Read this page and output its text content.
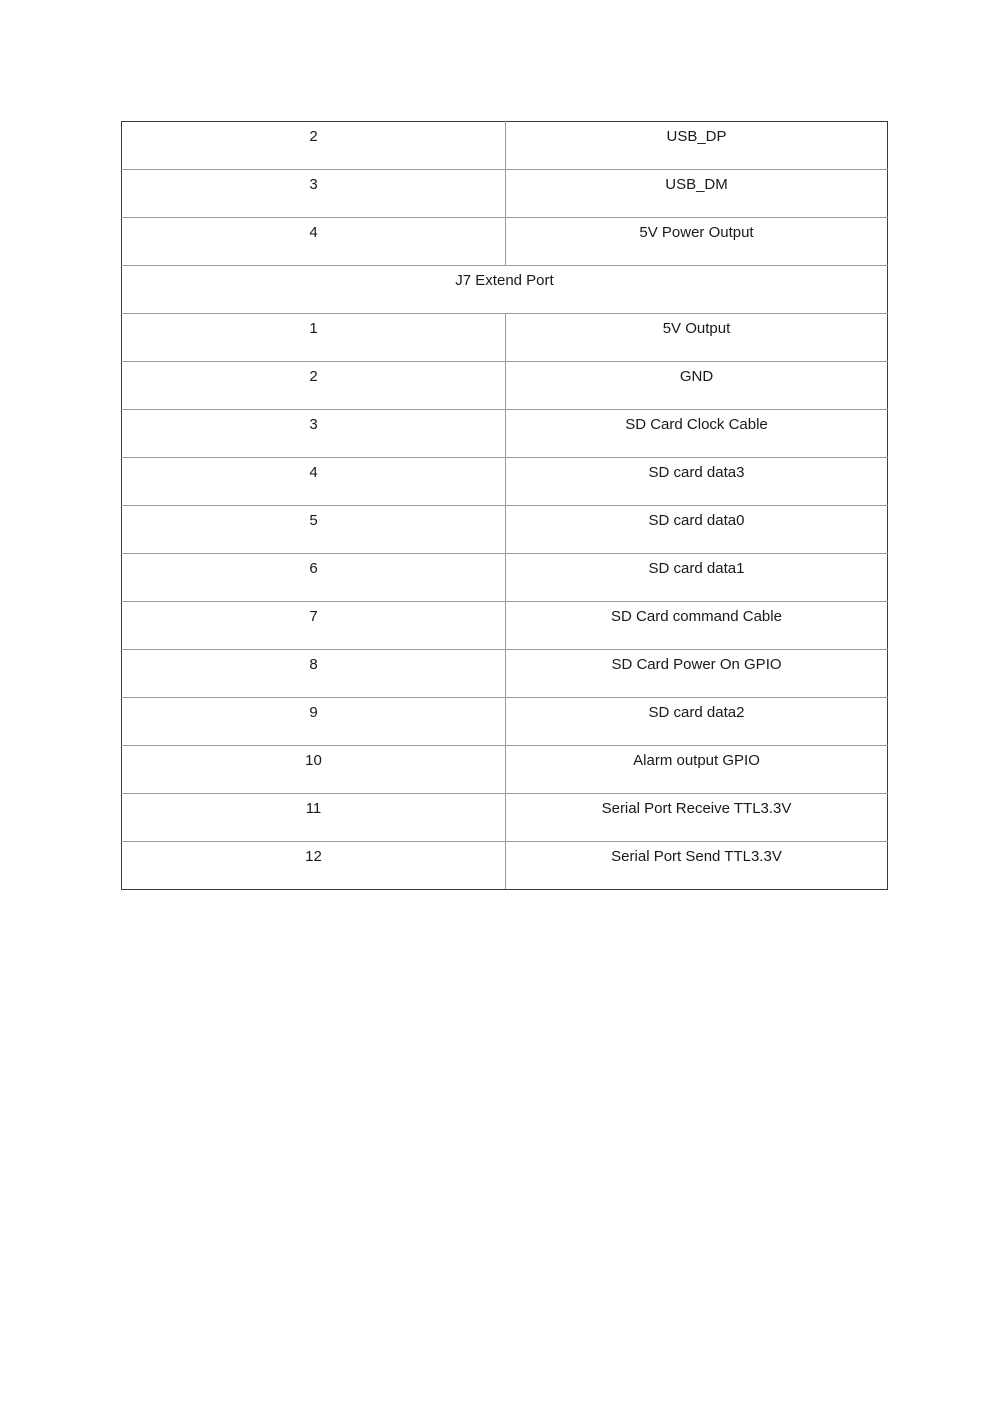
2	USB_DP
3	USB_DM
4	5V Power Output
J7 Extend Port	
1	5V Output
2	GND
3	SD Card Clock Cable
4	SD card data3
5	SD card data0
6	SD card data1
7	SD Card command Cable
8	SD Card Power On GPIO
9	SD card data2
10	Alarm output GPIO
11	Serial Port Receive TTL3.3V
12	Serial Port Send TTL3.3V
